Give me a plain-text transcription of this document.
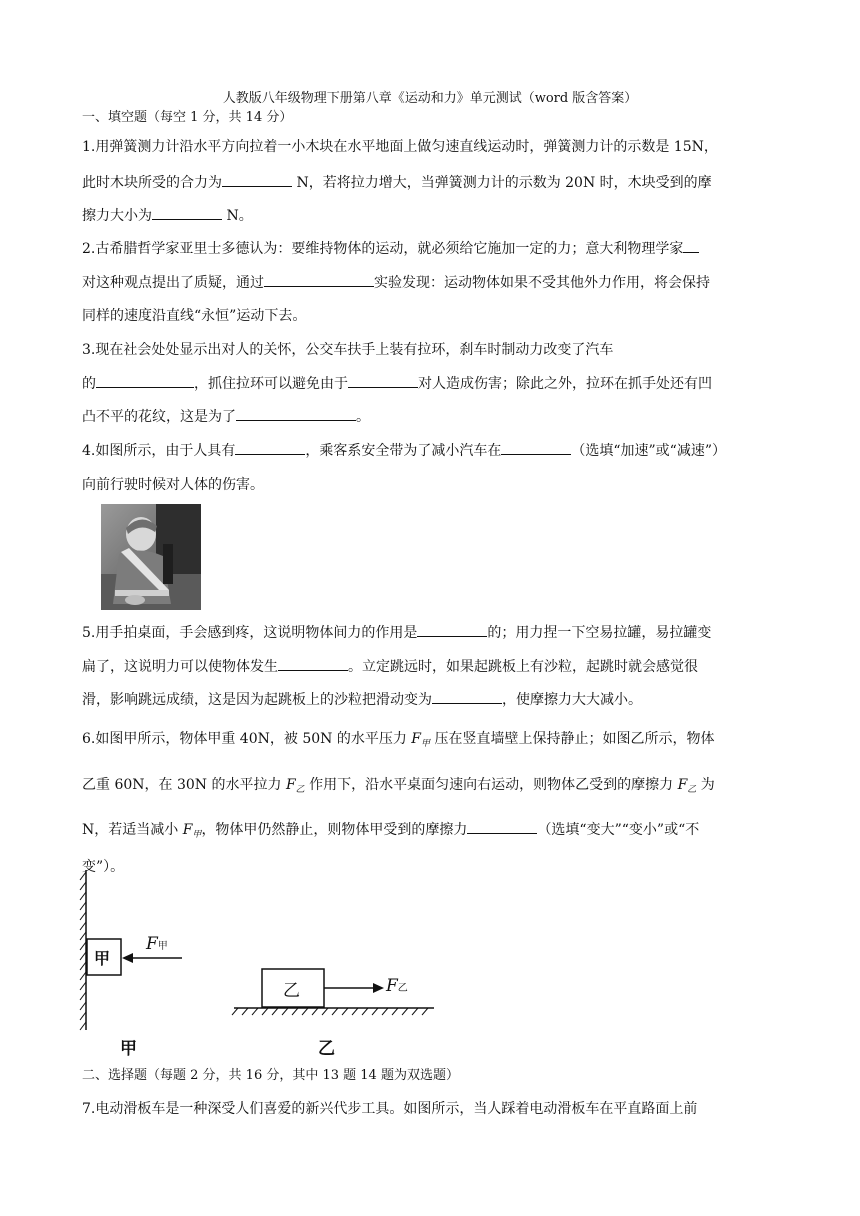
人教版八年级物理下册第八章《运动和力》单元测试（word 版含答案）
一、填空题（每空 1 分，共 14 分）
1.用弹簧测力计沿水平方向拉着一小木块在水平地面上做匀速直线运动时，弹簧测力计的示数是 15N，
此时木块所受的合力为	N，若将拉力增大，当弹簧测力计的示数为 20N 时，木块受到的摩
擦力大小为	N。
2.古希腊哲学家亚里士多德认为：要维持物体的运动，就必须给它施加一定的力；意大利物理学家
对这种观点提出了质疑，通过	实验发现：运动物体如果不受其他外力作用，将会保持
同样的速度沿直线“永恒”运动下去。
3.现在社会处处显示出对人的关怀，公交车扶手上装有拉环，刹车时制动力改变了汽车
的	，抓住拉环可以避免由于	对人造成伤害；除此之外，拉环在抓手处还有凹
凸不平的花纹，这是为了	。
4.如图所示，由于人具有	，乘客系安全带为了减小汽车在	（选填“加速”或“减速”）
向前行驶时候对人体的伤害。
5.用手拍桌面，手会感到疼，这说明物体间力的作用是	的；用力捏一下空易拉罐，易拉罐变
扁了，这说明力可以使物体发生	。立定跳远时，如果起跳板上有沙粒，起跳时就会感觉很
滑，影响跳远成绩，这是因为起跳板上的沙粒把滑动变为	，使摩擦力大大减小。
6.如图甲所示，物体甲重 40N，被 50N 的水平压力 $F_甲$ 压在竖直墙壁上保持静止；如图乙所示，物体
乙重 60N，在 30N 的水平拉力 $F_乙$ 作用下，沿水平桌面匀速向右运动，则物体乙受到的摩擦力 $F_乙$ 为
N，若适当减小 $F_甲$，物体甲仍然静止，则物体甲受到的摩擦力	（选填“变大”“变小”或“不
变”）。
甲
乙
F甲
F乙
甲	乙
二、选择题（每题 2 分，共 16 分，其中 13 题 14 题为双选题）
7.电动滑板车是一种深受人们喜爱的新兴代步工具。如图所示，当人踩着电动滑板车在平直路面上前
